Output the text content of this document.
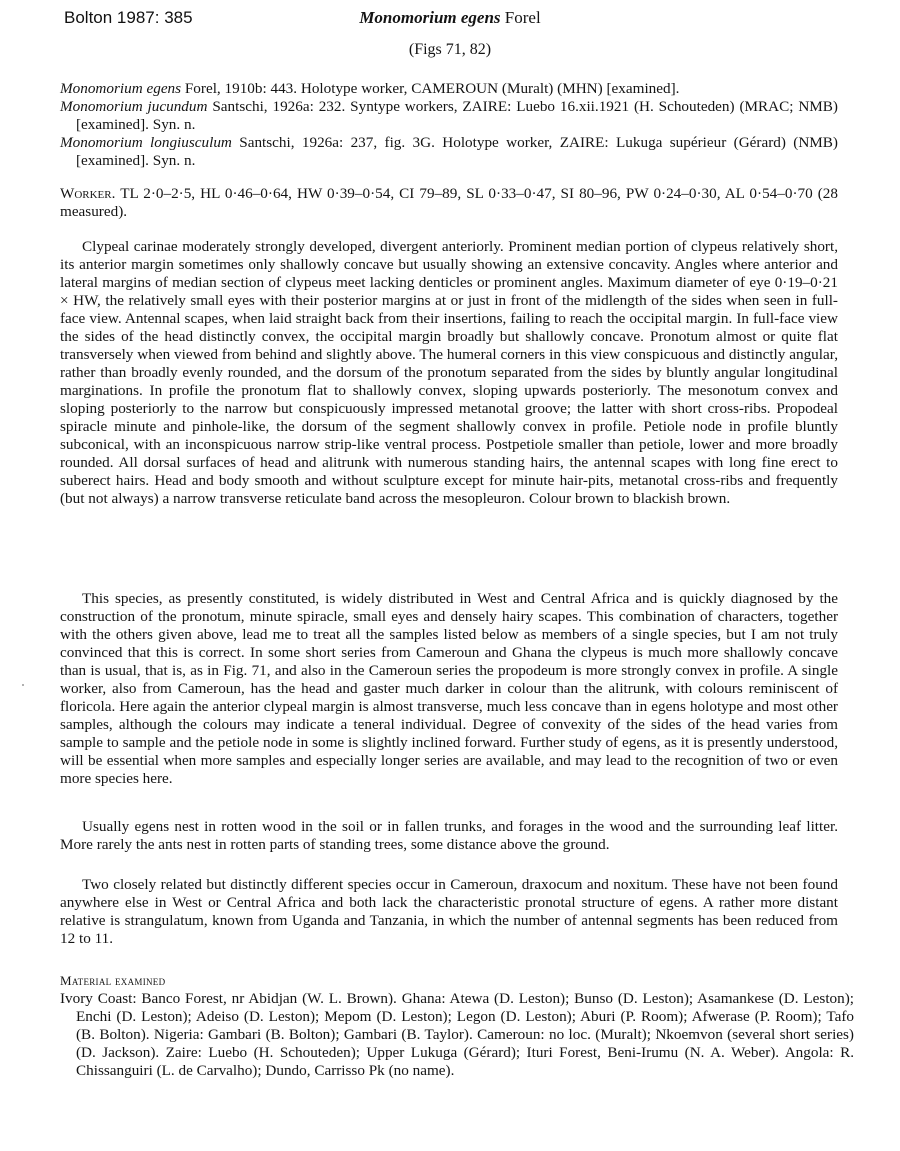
Bolton 1987: 385	Monomorium egens Forel
(Figs 71, 82)

Monomorium egens Forel, 1910b: 443. Holotype worker, CAMEROUN (Muralt) (MHN) [examined].

Monomorium jucundum Santschi, 1926a: 232. Syntype workers, ZAIRE: Luebo 16.xii.1921 (H. Schouteden) (MRAC; NMB) [examined]. Syn. n.

Monomorium longiusculum Santschi, 1926a: 237, fig. 3G. Holotype worker, ZAIRE: Lukuga supérieur (Gérard) (NMB) [examined]. Syn. n.

Worker. TL 2·0–2·5, HL 0·46–0·64, HW 0·39–0·54, CI 79–89, SL 0·33–0·47, SI 80–96, PW 0·24–0·30, AL 0·54–0·70 (28 measured).

Clypeal carinae moderately strongly developed, divergent anteriorly. Prominent median portion of clypeus relatively short, its anterior margin sometimes only shallowly concave but usually showing an extensive concavity. Angles where anterior and lateral margins of median section of clypeus meet lacking denticles or prominent angles. Maximum diameter of eye 0·19–0·21 × HW, the relatively small eyes with their posterior margins at or just in front of the midlength of the sides when seen in full-face view. Antennal scapes, when laid straight back from their insertions, failing to reach the occipital margin. In full-face view the sides of the head distinctly convex, the occipital margin broadly but shallowly concave. Pronotum almost or quite flat transversely when viewed from behind and slightly above. The humeral corners in this view conspicuous and distinctly angular, rather than broadly evenly rounded, and the dorsum of the pronotum separated from the sides by bluntly angular longitudinal marginations. In profile the pronotum flat to shallowly convex, sloping upwards posteriorly. The mesonotum convex and sloping posteriorly to the narrow but conspicuously impressed metanotal groove; the latter with short cross-ribs. Propodeal spiracle minute and pinhole-like, the dorsum of the segment shallowly convex in profile. Petiole node in profile bluntly subconical, with an inconspicuous narrow strip-like ventral process. Postpetiole smaller than petiole, lower and more broadly rounded. All dorsal surfaces of head and alitrunk with numerous standing hairs, the antennal scapes with long fine erect to suberect hairs. Head and body smooth and without sculpture except for minute hair-pits, metanotal cross-ribs and frequently (but not always) a narrow transverse reticulate band across the mesopleuron. Colour brown to blackish brown.

This species, as presently constituted, is widely distributed in West and Central Africa and is quickly diagnosed by the construction of the pronotum, minute spiracle, small eyes and densely hairy scapes. This combination of characters, together with the others given above, lead me to treat all the samples listed below as members of a single species, but I am not truly convinced that this is correct. In some short series from Cameroun and Ghana the clypeus is much more shallowly concave than is usual, that is, as in Fig. 71, and also in the Cameroun series the propodeum is more strongly convex in profile. A single worker, also from Cameroun, has the head and gaster much darker in colour than the alitrunk, with colours reminiscent of floricola. Here again the anterior clypeal margin is almost transverse, much less concave than in egens holotype and most other samples, although the colours may indicate a teneral individual. Degree of convexity of the sides of the head varies from sample to sample and the petiole node in some is slightly inclined forward. Further study of egens, as it is presently understood, will be essential when more samples and especially longer series are available, and may lead to the recognition of two or even more species here.

Usually egens nest in rotten wood in the soil or in fallen trunks, and forages in the wood and the surrounding leaf litter. More rarely the ants nest in rotten parts of standing trees, some distance above the ground.

Two closely related but distinctly different species occur in Cameroun, draxocum and noxitum. These have not been found anywhere else in West or Central Africa and both lack the characteristic pronotal structure of egens. A rather more distant relative is strangulatum, known from Uganda and Tanzania, in which the number of antennal segments has been reduced from 12 to 11.

Material examined
Ivory Coast: Banco Forest, nr Abidjan (W. L. Brown). Ghana: Atewa (D. Leston); Bunso (D. Leston); Asamankese (D. Leston); Enchi (D. Leston); Adeiso (D. Leston); Mepom (D. Leston); Legon (D. Leston); Aburi (P. Room); Afwerase (P. Room); Tafo (B. Bolton). Nigeria: Gambari (B. Bolton); Gambari (B. Taylor). Cameroun: no loc. (Muralt); Nkoemvon (several short series) (D. Jackson). Zaire: Luebo (H. Schouteden); Upper Lukuga (Gérard); Ituri Forest, Beni-Irumu (N. A. Weber). Angola: R. Chissanguiri (L. de Carvalho); Dundo, Carrisso Pk (no name).
